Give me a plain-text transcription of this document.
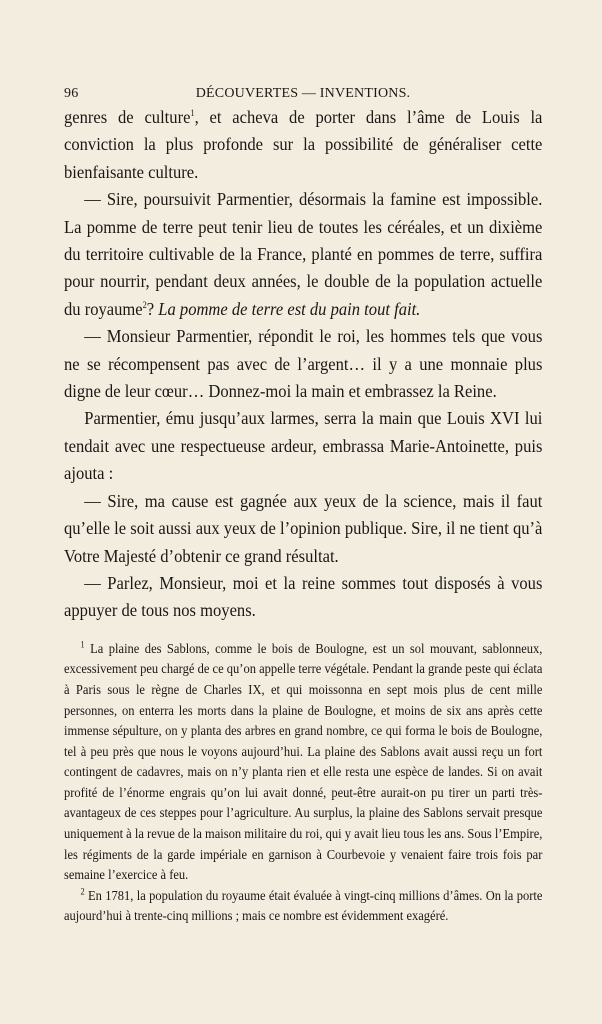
96	DÉCOUVERTES — INVENTIONS.

genres de culture$^1$, et acheva de porter dans l’âme de Louis la conviction la plus profonde sur la possibilité de généraliser cette bienfaisante culture.

— Sire, poursuivit Parmentier, désormais la famine est impossible. La pomme de terre peut tenir lieu de toutes les céréales, et un dixième du territoire cultivable de la France, planté en pommes de terre, suffira pour nourrir, pendant deux années, le double de la population actuelle du royaume$^2$? La pomme de terre est du pain tout fait.

— Monsieur Parmentier, répondit le roi, les hommes tels que vous ne se récompensent pas avec de l’argent… il y a une monnaie plus digne de leur cœur… Donnez-moi la main et embrassez la Reine.

Parmentier, ému jusqu’aux larmes, serra la main que Louis XVI lui tendait avec une respectueuse ardeur, embrassa Marie-Antoinette, puis ajouta :

— Sire, ma cause est gagnée aux yeux de la science, mais il faut qu’elle le soit aussi aux yeux de l’opinion publique. Sire, il ne tient qu’à Votre Majesté d’obtenir ce grand résultat.

— Parlez, Monsieur, moi et la reine sommes tout disposés à vous appuyer de tous nos moyens.

$^1$ La plaine des Sablons, comme le bois de Boulogne, est un sol mouvant, sablonneux, excessivement peu chargé de ce qu’on appelle terre végétale. Pendant la grande peste qui éclata à Paris sous le règne de Charles IX, et qui moissonna en sept mois plus de cent mille personnes, on enterra les morts dans la plaine de Boulogne, et moins de six ans après cette immense sépulture, on y planta des arbres en grand nombre, ce qui forma le bois de Boulogne, tel à peu près que nous le voyons aujourd’hui. La plaine des Sablons avait aussi reçu un fort contingent de cadavres, mais on n’y planta rien et elle resta une espèce de landes. Si on avait profité de l’énorme engrais qu’on lui avait donné, peut-être aurait-on pu tirer un parti très-avantageux de ces steppes pour l’agriculture. Au surplus, la plaine des Sablons servait presque uniquement à la revue de la maison militaire du roi, qui y avait lieu tous les ans. Sous l’Empire, les régiments de la garde impériale en garnison à Courbevoie y venaient faire trois fois par semaine l’exercice à feu.

$^2$ En 1781, la population du royaume était évaluée à vingt-cinq millions d’âmes. On la porte aujourd’hui à trente-cinq millions ; mais ce nombre est évidemment exagéré.
